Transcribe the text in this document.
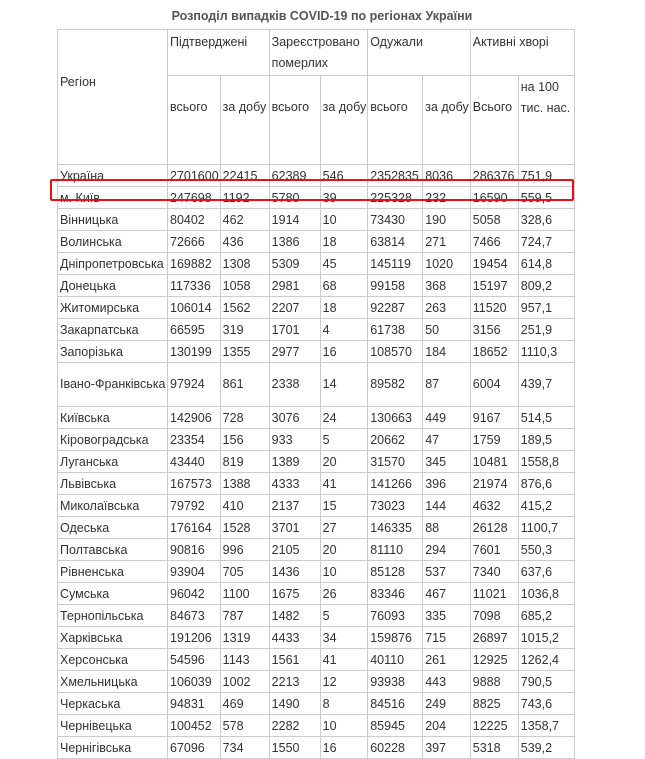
Розподіл випадків COVID-19 по регіонах України
Регіон	Підтверджені		Зареєстровано померлих		Одужали		Активні хворі	
	всього	за добу	всього	за добу	всього	за добу	Всього	на 100 тис. нас.
Україна	2701600	22415	62389	546	2352835	8036	286376	751,9
м. Київ	247698	1192	5780	39	225328	232	16590	559,5
Вінницька	80402	462	1914	10	73430	190	5058	328,6
Волинська	72666	436	1386	18	63814	271	7466	724,7
Дніпропетровська	169882	1308	5309	45	145119	1020	19454	614,8
Донецька	117336	1058	2981	68	99158	368	15197	809,2
Житомирська	106014	1562	2207	18	92287	263	11520	957,1
Закарпатська	66595	319	1701	4	61738	50	3156	251,9
Запорізька	130199	1355	2977	16	108570	184	18652	1110,3
Івано-​Франківська	97924	861	2338	14	89582	87	6004	439,7
Київська	142906	728	3076	24	130663	449	9167	514,5
Кіровоградська	23354	156	933	5	20662	47	1759	189,5
Луганська	43440	819	1389	20	31570	345	10481	1558,8
Львівська	167573	1388	4333	41	141266	396	21974	876,6
Миколаївська	79792	410	2137	15	73023	144	4632	415,2
Одеська	176164	1528	3701	27	146335	88	26128	1100,7
Полтавська	90816	996	2105	20	81110	294	7601	550,3
Рівненська	93904	705	1436	10	85128	537	7340	637,6
Сумська	96042	1100	1675	26	83346	467	11021	1036,8
Тернопільська	84673	787	1482	5	76093	335	7098	685,2
Харківська	191206	1319	4433	34	159876	715	26897	1015,2
Херсонська	54596	1143	1561	41	40110	261	12925	1262,4
Хмельницька	106039	1002	2213	12	93938	443	9888	790,5
Черкаська	94831	469	1490	8	84516	249	8825	743,6
Чернівецька	100452	578	2282	10	85945	204	12225	1358,7
Чернігівська	67096	734	1550	16	60228	397	5318	539,2
